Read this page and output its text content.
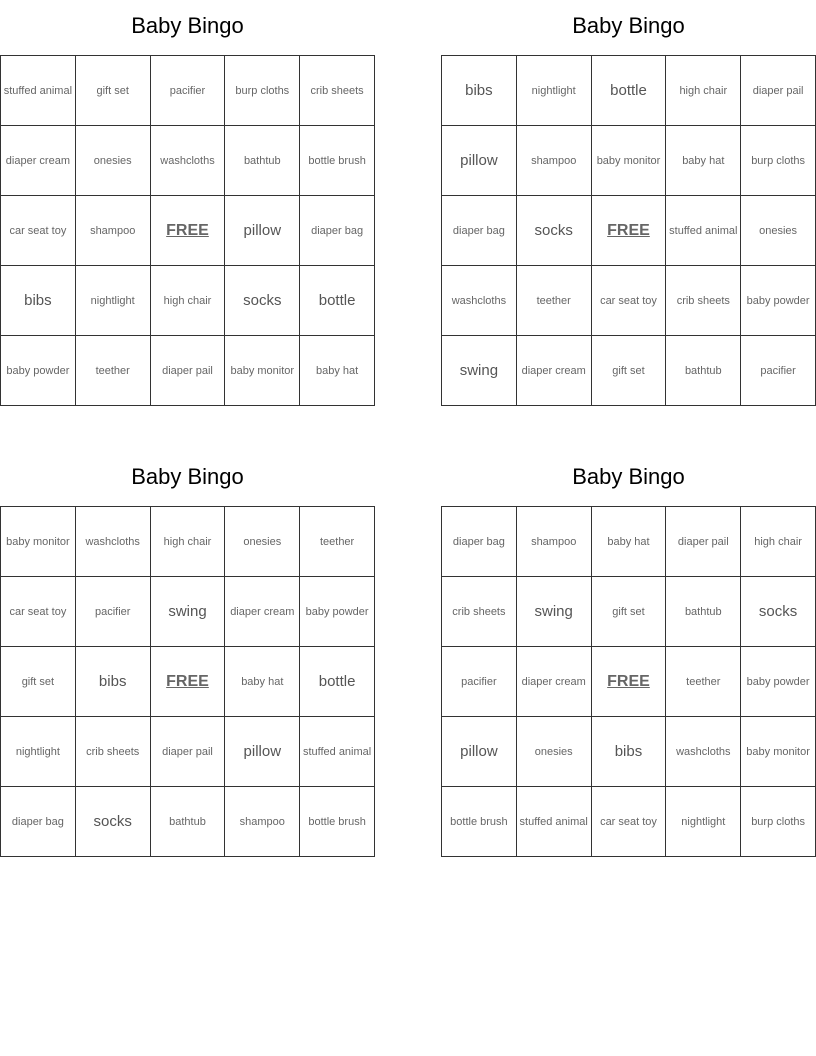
Baby Bingo
stuffed animal	gift set	pacifier	burp cloths	crib sheets
diaper cream	onesies	washcloths	bathtub	bottle brush
car seat toy	shampoo	FREE	pillow	diaper bag
bibs	nightlight	high chair	socks	bottle
baby powder	teether	diaper pail	baby monitor	baby hat
Baby Bingo
bibs	nightlight	bottle	high chair	diaper pail
pillow	shampoo	baby monitor	baby hat	burp cloths
diaper bag	socks	FREE	stuffed animal	onesies
washcloths	teether	car seat toy	crib sheets	baby powder
swing	diaper cream	gift set	bathtub	pacifier
Baby Bingo
baby monitor	washcloths	high chair	onesies	teether
car seat toy	pacifier	swing	diaper cream	baby powder
gift set	bibs	FREE	baby hat	bottle
nightlight	crib sheets	diaper pail	pillow	stuffed animal
diaper bag	socks	bathtub	shampoo	bottle brush
Baby Bingo
diaper bag	shampoo	baby hat	diaper pail	high chair
crib sheets	swing	gift set	bathtub	socks
pacifier	diaper cream	FREE	teether	baby powder
pillow	onesies	bibs	washcloths	baby monitor
bottle brush	stuffed animal	car seat toy	nightlight	burp cloths
